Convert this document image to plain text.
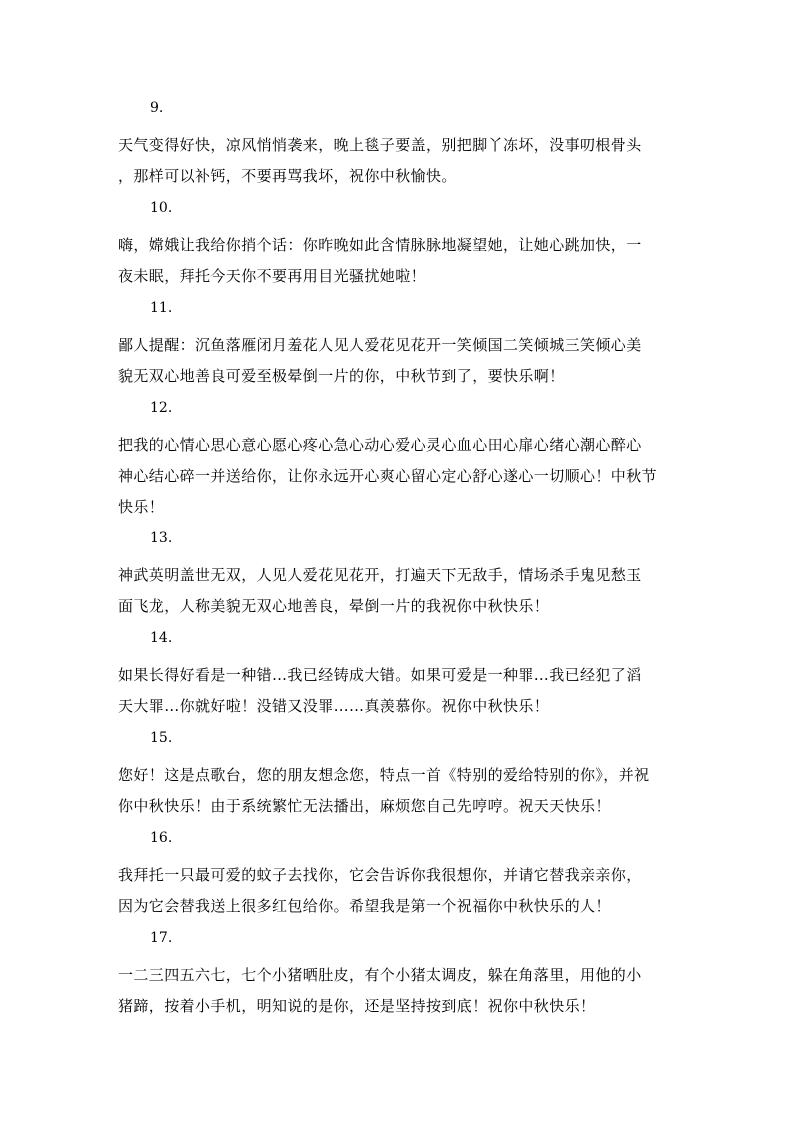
9.
天气变得好快，凉风悄悄袭来，晚上毯子要盖，别把脚丫冻坏，没事叨根骨头
，那样可以补钙，不要再骂我坏，祝你中秋愉快。
10.
嗨，嫦娥让我给你捎个话：你昨晚如此含情脉脉地凝望她，让她心跳加快，一
夜未眠，拜托今天你不要再用目光骚扰她啦！
11.
鄙人提醒：沉鱼落雁闭月羞花人见人爱花见花开一笑倾国二笑倾城三笑倾心美
貌无双心地善良可爱至极晕倒一片的你，中秋节到了，要快乐啊！
12.
把我的心情心思心意心愿心疼心急心动心爱心灵心血心田心扉心绪心潮心醉心
神心结心碎一并送给你，让你永远开心爽心留心定心舒心遂心一切顺心！中秋节
快乐！
13.
神武英明盖世无双，人见人爱花见花开，打遍天下无敌手，情场杀手鬼见愁玉
面飞龙，人称美貌无双心地善良，晕倒一片的我祝你中秋快乐！
14.
如果长得好看是一种错…我已经铸成大错。如果可爱是一种罪…我已经犯了滔
天大罪…你就好啦！没错又没罪……真羡慕你。祝你中秋快乐！
15.
您好！这是点歌台，您的朋友想念您，特点一首《特别的爱给特别的你》，并祝
你中秋快乐！由于系统繁忙无法播出，麻烦您自己先哼哼。祝天天快乐！
16.
我拜托一只最可爱的蚊子去找你，它会告诉你我很想你，并请它替我亲亲你，
因为它会替我送上很多红包给你。希望我是第一个祝福你中秋快乐的人！
17.
一二三四五六七，七个小猪晒肚皮，有个小猪太调皮，躲在角落里，用他的小
猪蹄，按着小手机，明知说的是你，还是坚持按到底！祝你中秋快乐！
